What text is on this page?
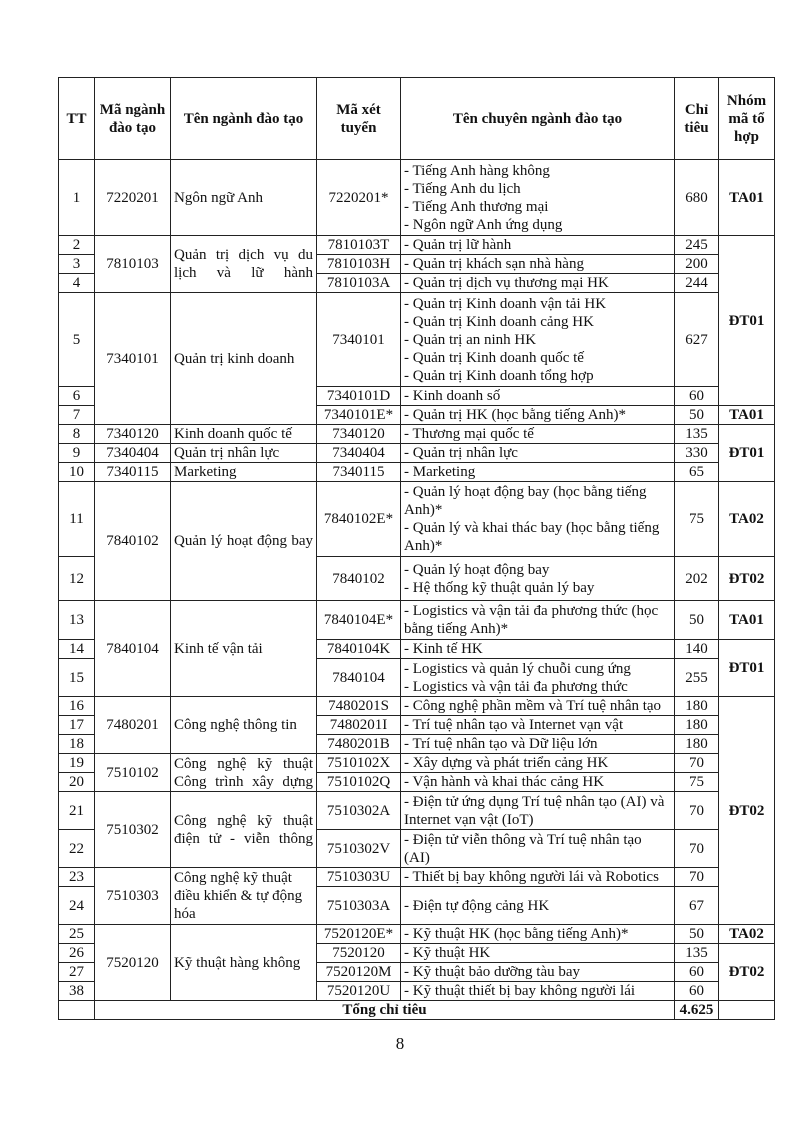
TT	Mã ngành đào tạo	Tên ngành đào tạo	Mã xét tuyển	Tên chuyên ngành đào tạo	Chỉ tiêu	Nhóm mã tổ hợp
1	7220201	Ngôn ngữ Anh	7220201*	- Tiếng Anh hàng không
- Tiếng Anh du lịch
- Tiếng Anh thương mại
- Ngôn ngữ Anh ứng dụng	680	TA01
2	7810103	Quản trị dịch vụ du lịch và lữ hành	7810103T	- Quản trị lữ hành	245	ĐT01
3			7810103H	- Quản trị khách sạn nhà hàng	200	
4			7810103A	- Quản trị dịch vụ thương mại HK	244	
5	7340101	Quản trị kinh doanh	7340101	- Quản trị Kinh doanh vận tải HK
- Quản trị Kinh doanh cảng HK
- Quản trị an ninh HK
- Quản trị Kinh doanh quốc tế
- Quản trị Kinh doanh tổng hợp	627	
6			7340101D	- Kinh doanh số	60	
7			7340101E*	- Quản trị HK (học bằng tiếng Anh)*	50	TA01
8	7340120	Kinh doanh quốc tế	7340120	- Thương mại quốc tế	135	ĐT01
9	7340404	Quản trị nhân lực	7340404	- Quản trị nhân lực	330	
10	7340115	Marketing	7340115	- Marketing	65	
11	7840102	Quản lý hoạt động bay	7840102E*	- Quản lý hoạt động bay (học bằng tiếng Anh)*
- Quản lý và khai thác bay (học bằng tiếng Anh)*	75	TA02
12			7840102	- Quản lý hoạt động bay
- Hệ thống kỹ thuật quản lý bay	202	ĐT02
13	7840104	Kinh tế vận tải	7840104E*	- Logistics và vận tải đa phương thức (học bằng tiếng Anh)*	50	TA01
14			7840104K	- Kinh tế HK	140	ĐT01
15			7840104	- Logistics và quản lý chuỗi cung ứng
- Logistics và vận tải đa phương thức	255	
16	7480201	Công nghệ thông tin	7480201S	- Công nghệ phần mềm và Trí tuệ nhân tạo	180	ĐT02
17			7480201I	- Trí tuệ nhân tạo và Internet vạn vật	180	
18			7480201B	- Trí tuệ nhân tạo và Dữ liệu lớn	180	
19	7510102	Công nghệ kỹ thuật Công trình xây dựng	7510102X	- Xây dựng và phát triển cảng HK	70	
20			7510102Q	- Vận hành và khai thác cảng HK	75	
21	7510302	Công nghệ kỹ thuật điện tử - viễn thông	7510302A	- Điện tử ứng dụng Trí tuệ nhân tạo (AI) và Internet vạn vật (IoT)	70	
22			7510302V	- Điện tử viễn thông và Trí tuệ nhân tạo (AI)	70	
23	7510303	Công nghệ kỹ thuật điều khiển & tự động hóa	7510303U	- Thiết bị bay không người lái và Robotics	70	
24			7510303A	- Điện tự động cảng HK	67	
25	7520120	Kỹ thuật hàng không	7520120E*	- Kỹ thuật HK (học bằng tiếng Anh)*	50	TA02
26			7520120	- Kỹ thuật HK	135	ĐT02
27			7520120M	- Kỹ thuật bảo dưỡng tàu bay	60	
38			7520120U	- Kỹ thuật thiết bị bay không người lái	60	
	Tổng chỉ tiêu				4.625	
8
